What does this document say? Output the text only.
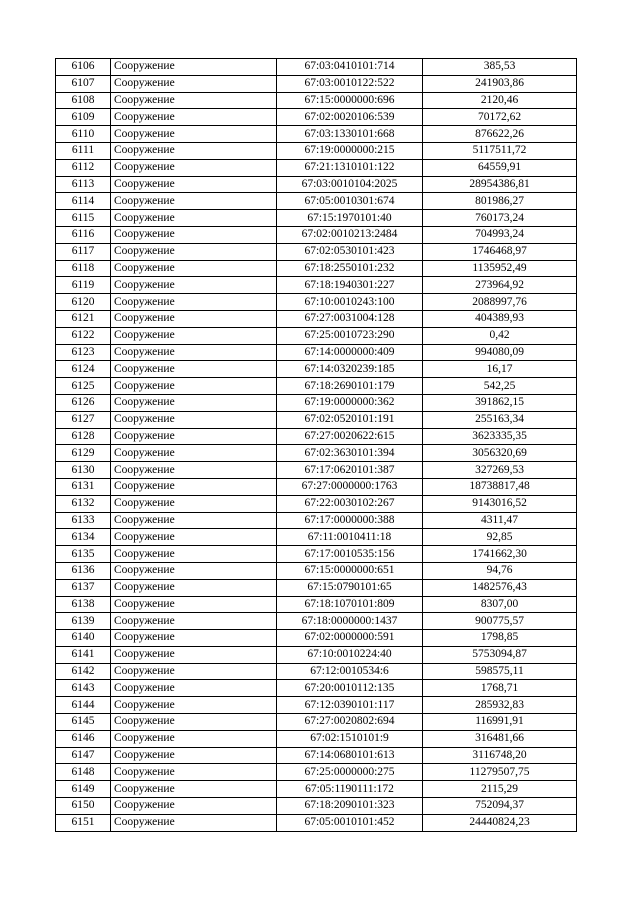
6106	Сооружение	67:03:0410101:714	385,53
6107	Сооружение	67:03:0010122:522	241903,86
6108	Сооружение	67:15:0000000:696	2120,46
6109	Сооружение	67:02:0020106:539	70172,62
6110	Сооружение	67:03:1330101:668	876622,26
6111	Сооружение	67:19:0000000:215	5117511,72
6112	Сооружение	67:21:1310101:122	64559,91
6113	Сооружение	67:03:0010104:2025	28954386,81
6114	Сооружение	67:05:0010301:674	801986,27
6115	Сооружение	67:15:1970101:40	760173,24
6116	Сооружение	67:02:0010213:2484	704993,24
6117	Сооружение	67:02:0530101:423	1746468,97
6118	Сооружение	67:18:2550101:232	1135952,49
6119	Сооружение	67:18:1940301:227	273964,92
6120	Сооружение	67:10:0010243:100	2088997,76
6121	Сооружение	67:27:0031004:128	404389,93
6122	Сооружение	67:25:0010723:290	0,42
6123	Сооружение	67:14:0000000:409	994080,09
6124	Сооружение	67:14:0320239:185	16,17
6125	Сооружение	67:18:2690101:179	542,25
6126	Сооружение	67:19:0000000:362	391862,15
6127	Сооружение	67:02:0520101:191	255163,34
6128	Сооружение	67:27:0020622:615	3623335,35
6129	Сооружение	67:02:3630101:394	3056320,69
6130	Сооружение	67:17:0620101:387	327269,53
6131	Сооружение	67:27:0000000:1763	18738817,48
6132	Сооружение	67:22:0030102:267	9143016,52
6133	Сооружение	67:17:0000000:388	4311,47
6134	Сооружение	67:11:0010411:18	92,85
6135	Сооружение	67:17:0010535:156	1741662,30
6136	Сооружение	67:15:0000000:651	94,76
6137	Сооружение	67:15:0790101:65	1482576,43
6138	Сооружение	67:18:1070101:809	8307,00
6139	Сооружение	67:18:0000000:1437	900775,57
6140	Сооружение	67:02:0000000:591	1798,85
6141	Сооружение	67:10:0010224:40	5753094,87
6142	Сооружение	67:12:0010534:6	598575,11
6143	Сооружение	67:20:0010112:135	1768,71
6144	Сооружение	67:12:0390101:117	285932,83
6145	Сооружение	67:27:0020802:694	116991,91
6146	Сооружение	67:02:1510101:9	316481,66
6147	Сооружение	67:14:0680101:613	3116748,20
6148	Сооружение	67:25:0000000:275	11279507,75
6149	Сооружение	67:05:1190111:172	2115,29
6150	Сооружение	67:18:2090101:323	752094,37
6151	Сооружение	67:05:0010101:452	24440824,23
